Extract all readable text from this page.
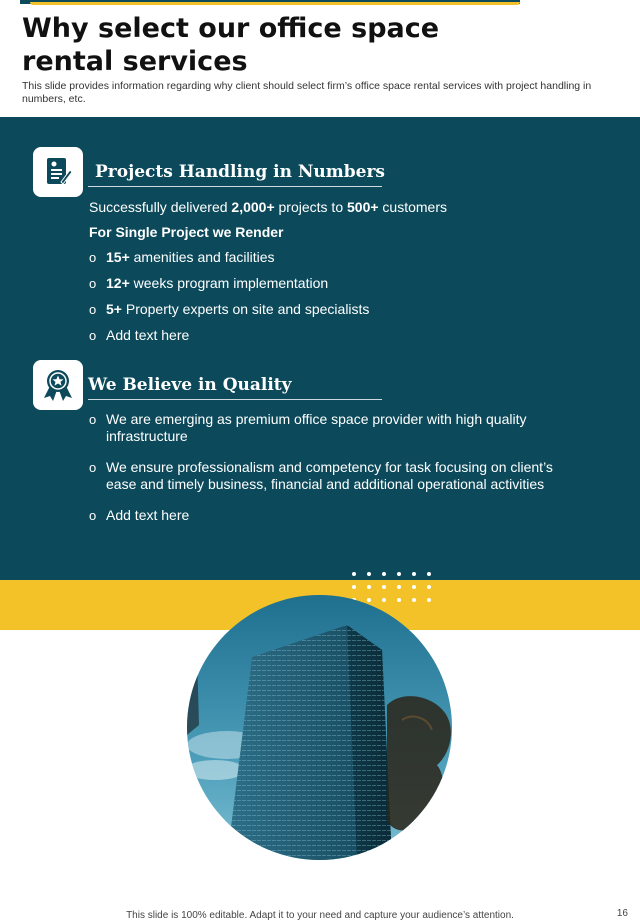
Why select our office space rental services

This slide provides information regarding why client should select firm’s office space rental services with project handling in numbers, etc.

Projects Handling in Numbers

Successfully delivered 2,000+ projects to 500+ customers

For Single Project we Render

o 15+ amenities and facilities
o 12+ weeks program implementation
o 5+ Property experts on site and specialists
o Add text here
We Believe in Quality
o We are emerging as premium office space provider with high quality infrastructure
o We ensure professionalism and competency for task focusing on client’s ease and timely business, financial and additional operational activities
o Add text here
This slide is 100% editable. Adapt it to your need and capture your audience’s attention.	16
